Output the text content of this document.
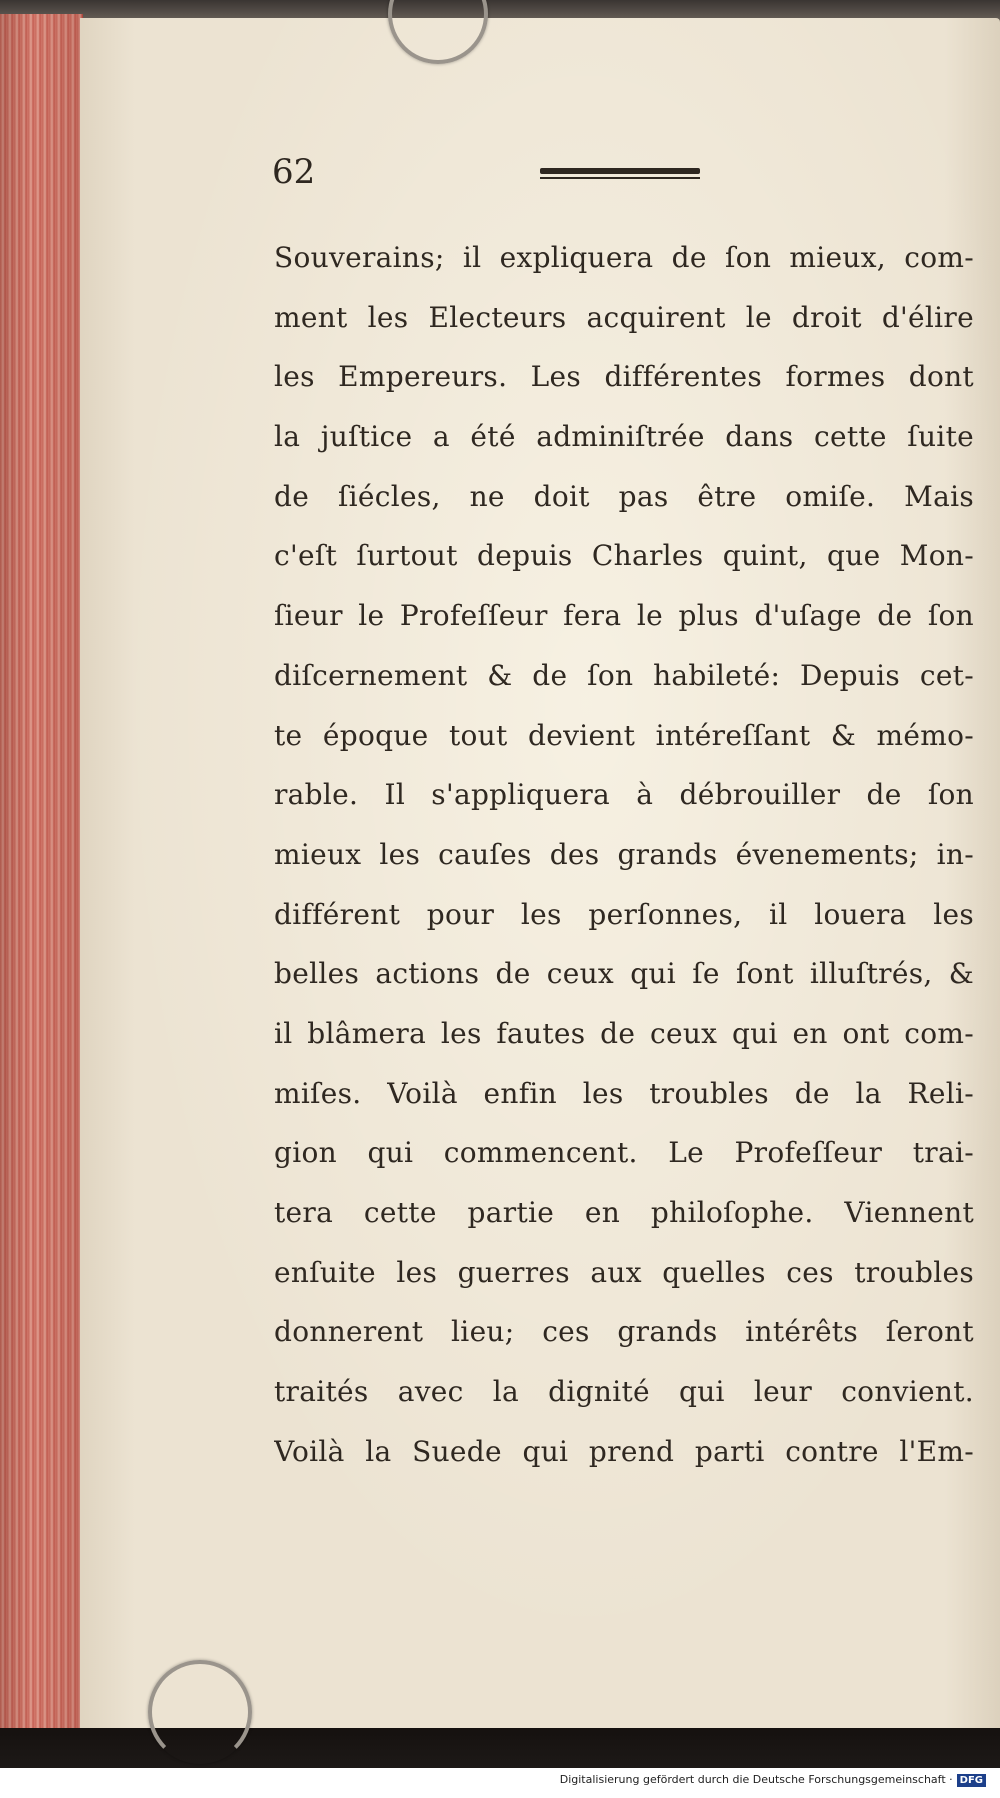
62
Souverains; il expliquera de ſon mieux, com-
ment les Electeurs acquirent le droit d'élire
les Empereurs. Les différentes formes dont
la juſtice a été adminiſtrée dans cette ſuite
de ſiécles, ne doit pas être omiſe. Mais
c'eſt ſurtout depuis Charles quint, que Mon-
ſieur le Profeſſeur fera le plus d'uſage de ſon
diſcernement & de ſon habileté: Depuis cet-
te époque tout devient intéreſſant & mémo-
rable. Il s'appliquera à débrouiller de ſon
mieux les cauſes des grands évenements; in-
différent pour les perſonnes, il louera les
belles actions de ceux qui ſe ſont illuſtrés, &
il blâmera les fautes de ceux qui en ont com-
miſes. Voilà enfin les troubles de la Reli-
gion qui commencent. Le Profeſſeur trai-
tera cette partie en philoſophe. Viennent
enſuite les guerres aux quelles ces troubles
donnerent lieu; ces grands intérêts ſeront
traités avec la dignité qui leur convient.
Voilà la Suede qui prend parti contre l'Em-
Digitalisierung gefördert durch die Deutsche Forschungsgemeinschaft · DFG
